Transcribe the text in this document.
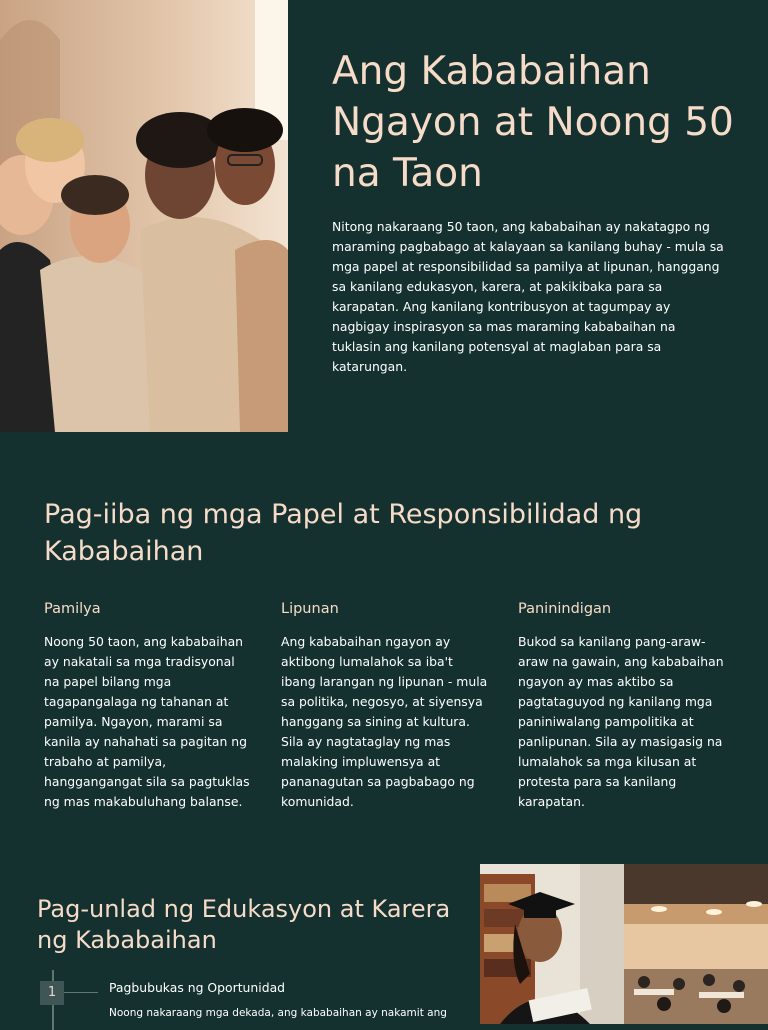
Ang Kababaihan Ngayon at Noong 50 na Taon

Nitong nakaraang 50 taon, ang kababaihan ay nakatagpo ng maraming pagbabago at kalayaan sa kanilang buhay - mula sa mga papel at responsibilidad sa pamilya at lipunan, hanggang sa kanilang edukasyon, karera, at pakikibaka para sa karapatan. Ang kanilang kontribusyon at tagumpay ay nagbigay inspirasyon sa mas maraming kababaihan na tuklasin ang kanilang potensyal at maglaban para sa katarungan.

Pag-iiba ng mga Papel at Responsibilidad ng Kababaihan
Pamilya

Noong 50 taon, ang kababaihan ay nakatali sa mga tradisyonal na papel bilang mga tagapangalaga ng tahanan at pamilya. Ngayon, marami sa kanila ay nahahati sa pagitan ng trabaho at pamilya, hanggangangat sila sa pagtuklas ng mas makabuluhang balanse.

Lipunan

Ang kababaihan ngayon ay aktibong lumalahok sa iba't ibang larangan ng lipunan - mula sa politika, negosyo, at siyensya hanggang sa sining at kultura. Sila ay nagtataglay ng mas malaking impluwensya at pananagutan sa pagbabago ng komunidad.

Paninindigan

Bukod sa kanilang pang-araw-araw na gawain, ang kababaihan ngayon ay mas aktibo sa pagtataguyod ng kanilang mga paniniwalang pampolitika at panlipunan. Sila ay masigasig na lumalahok sa mga kilusan at protesta para sa kanilang karapatan.

Pag-unlad ng Edukasyon at Karera ng Kababaihan
1	Pagbubukas ng Oportunidad

Noong nakaraang mga dekada, ang kababaihan ay nakamit ang
